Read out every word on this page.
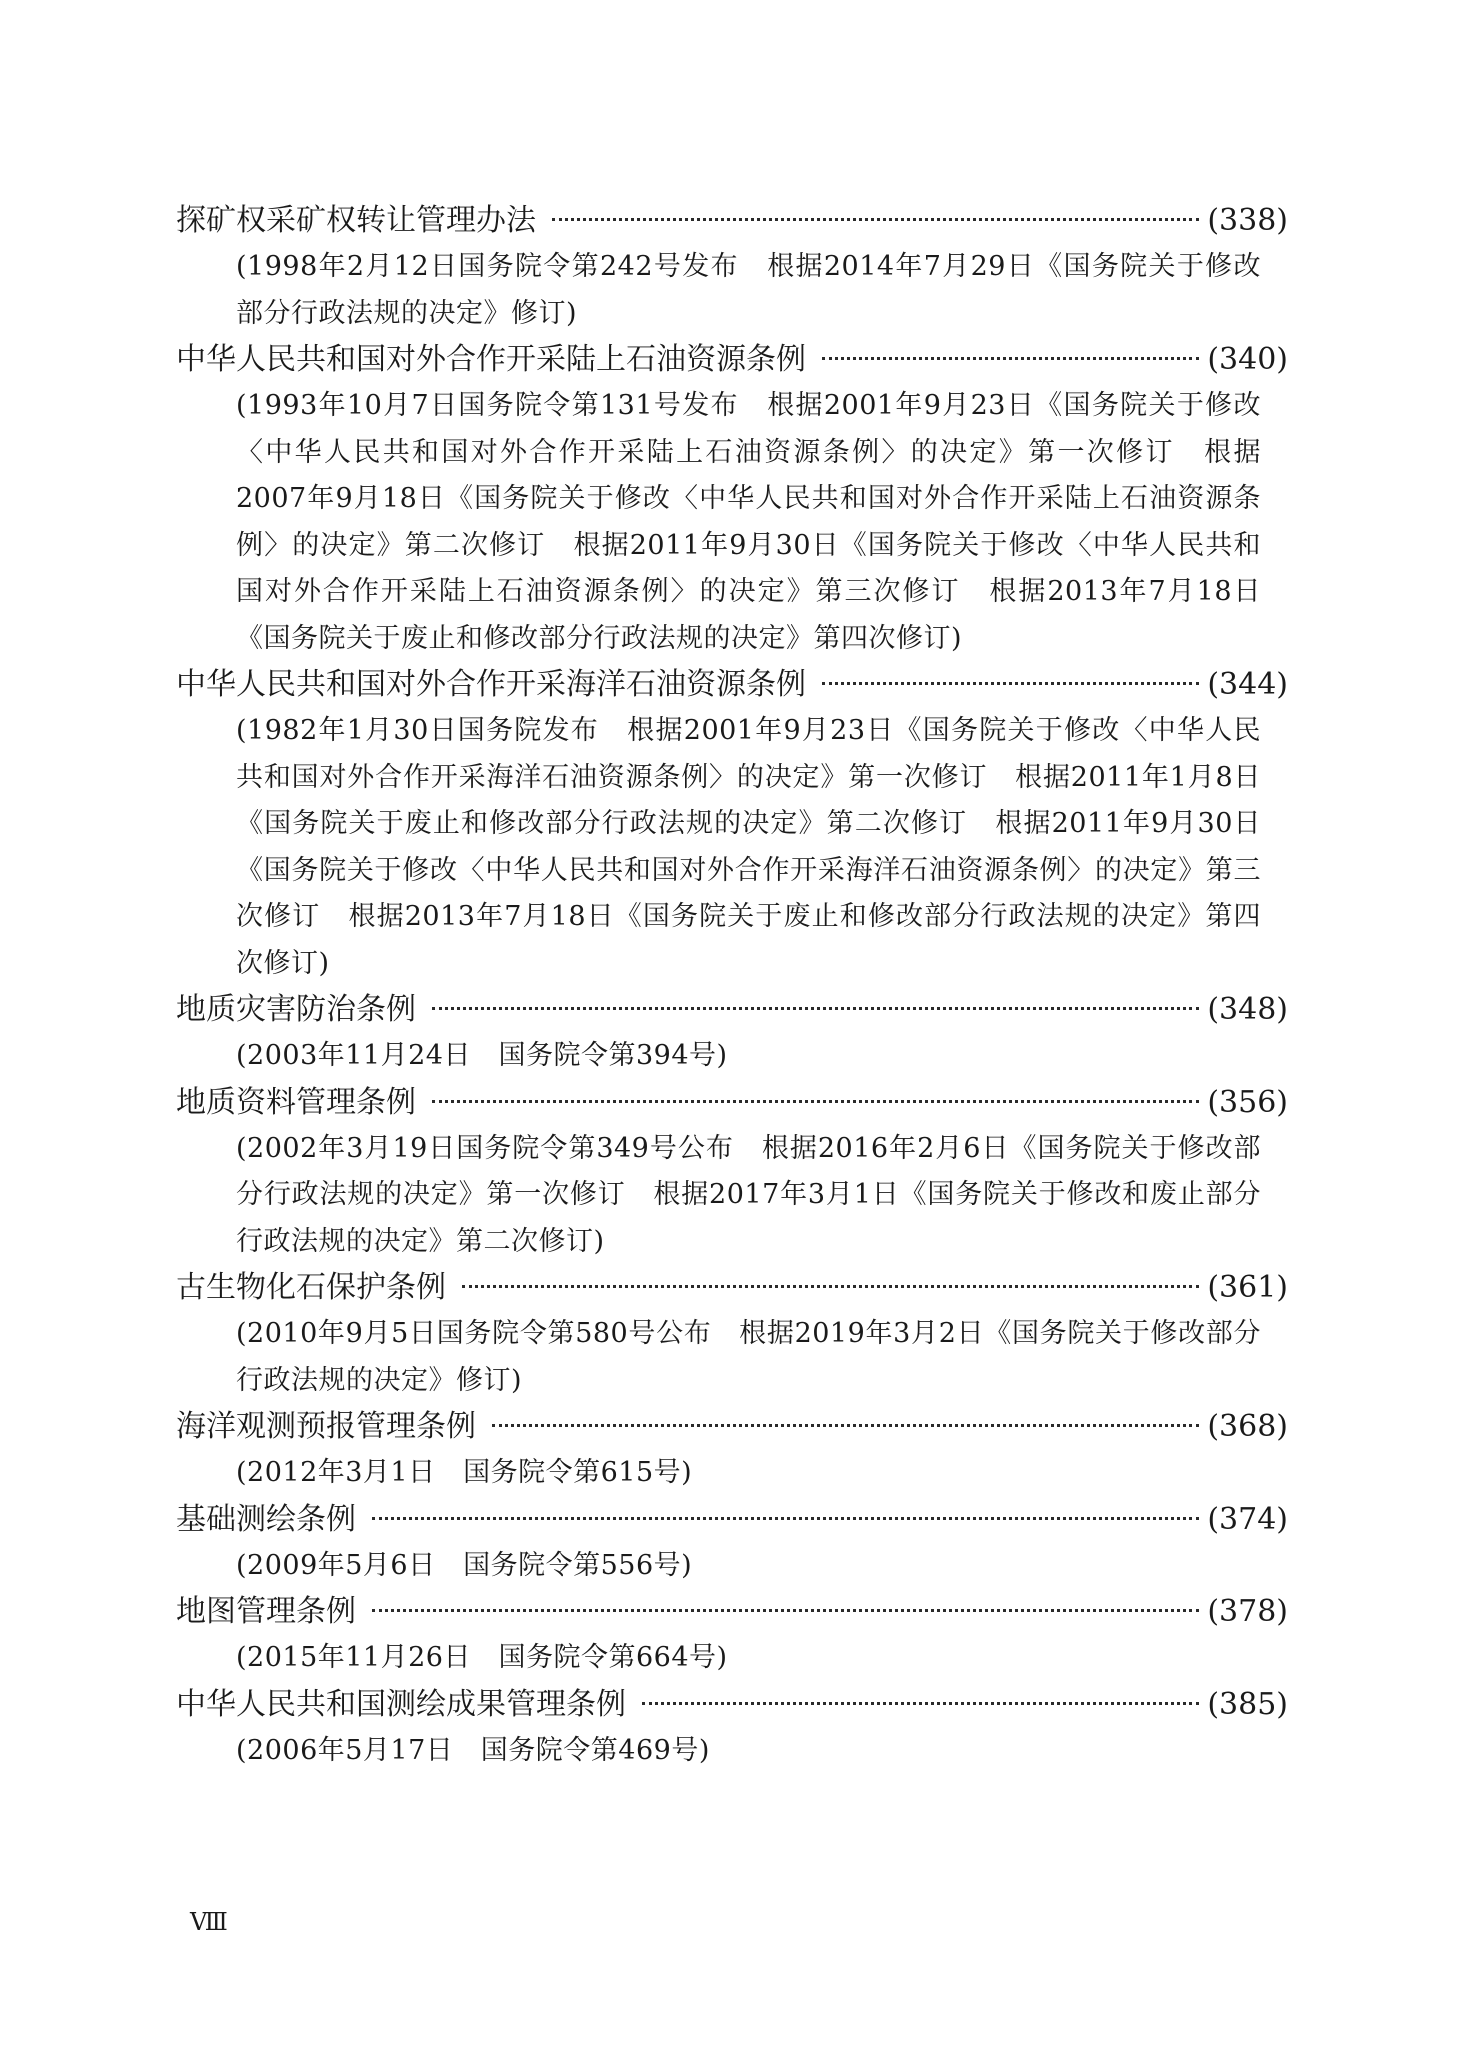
探矿权采矿权转让管理办法	(338)
(1998年2月12日国务院令第242号发布　根据2014年7月29日《国务院关于修改部分行政法规的决定》修订)
中华人民共和国对外合作开采陆上石油资源条例	(340)
(1993年10月7日国务院令第131号发布　根据2001年9月23日《国务院关于修改〈中华人民共和国对外合作开采陆上石油资源条例〉的决定》第一次修订　根据2007年9月18日《国务院关于修改〈中华人民共和国对外合作开采陆上石油资源条例〉的决定》第二次修订　根据2011年9月30日《国务院关于修改〈中华人民共和国对外合作开采陆上石油资源条例〉的决定》第三次修订　根据2013年7月18日《国务院关于废止和修改部分行政法规的决定》第四次修订)
中华人民共和国对外合作开采海洋石油资源条例	(344)
(1982年1月30日国务院发布　根据2001年9月23日《国务院关于修改〈中华人民共和国对外合作开采海洋石油资源条例〉的决定》第一次修订　根据2011年1月8日《国务院关于废止和修改部分行政法规的决定》第二次修订　根据2011年9月30日《国务院关于修改〈中华人民共和国对外合作开采海洋石油资源条例〉的决定》第三次修订　根据2013年7月18日《国务院关于废止和修改部分行政法规的决定》第四次修订)
地质灾害防治条例	(348)
(2003年11月24日　国务院令第394号)
地质资料管理条例	(356)
(2002年3月19日国务院令第349号公布　根据2016年2月6日《国务院关于修改部分行政法规的决定》第一次修订　根据2017年3月1日《国务院关于修改和废止部分行政法规的决定》第二次修订)
古生物化石保护条例	(361)
(2010年9月5日国务院令第580号公布　根据2019年3月2日《国务院关于修改部分行政法规的决定》修订)
海洋观测预报管理条例	(368)
(2012年3月1日　国务院令第615号)
基础测绘条例	(374)
(2009年5月6日　国务院令第556号)
地图管理条例	(378)
(2015年11月26日　国务院令第664号)
中华人民共和国测绘成果管理条例	(385)
(2006年5月17日　国务院令第469号)
Ⅷ
